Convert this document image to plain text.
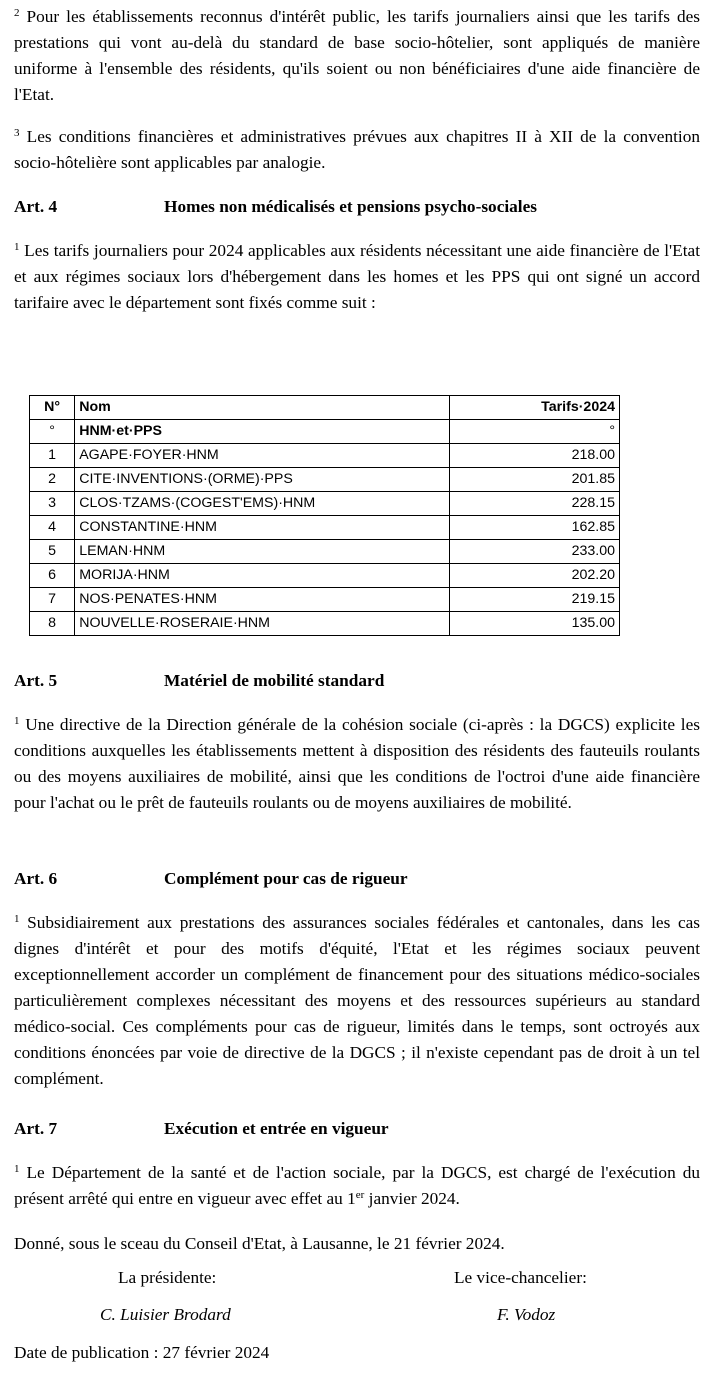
$^2$ Pour les établissements reconnus d'intérêt public, les tarifs journaliers ainsi que les tarifs des prestations qui vont au-delà du standard de base socio-hôtelier, sont appliqués de manière uniforme à l'ensemble des résidents, qu'ils soient ou non bénéficiaires d'une aide financière de l'Etat.
$^3$ Les conditions financières et administratives prévues aux chapitres II à XII de la convention socio-hôtelière sont applicables par analogie.
Art. 4	Homes non médicalisés et pensions psycho-sociales
$^1$ Les tarifs journaliers pour 2024 applicables aux résidents nécessitant une aide financière de l'Etat et aux régimes sociaux lors d'hébergement dans les homes et les PPS qui ont signé un accord tarifaire avec le département sont fixés comme suit :
N°	Nom	Tarifs·2024
°	HNM·et·PPS	°
1	AGAPE·FOYER·HNM	218.00
2	CITE·INVENTIONS·(ORME)·PPS	201.85
3	CLOS·TZAMS·(COGEST'EMS)·HNM	228.15
4	CONSTANTINE·HNM	162.85
5	LEMAN·HNM	233.00
6	MORIJA·HNM	202.20
7	NOS·PENATES·HNM	219.15
8	NOUVELLE·ROSERAIE·HNM	135.00
Art. 5	Matériel de mobilité standard
$^1$ Une directive de la Direction générale de la cohésion sociale (ci-après : la DGCS) explicite les conditions auxquelles les établissements mettent à disposition des résidents des fauteuils roulants ou des moyens auxiliaires de mobilité, ainsi que les conditions de l'octroi d'une aide financière pour l'achat ou le prêt de fauteuils roulants ou de moyens auxiliaires de mobilité.
Art. 6	Complément pour cas de rigueur
$^1$ Subsidiairement aux prestations des assurances sociales fédérales et cantonales, dans les cas dignes d'intérêt et pour des motifs d'équité, l'Etat et les régimes sociaux peuvent exceptionnellement accorder un complément de financement pour des situations médico-sociales particulièrement complexes nécessitant des moyens et des ressources supérieurs au standard médico-social. Ces compléments pour cas de rigueur, limités dans le temps, sont octroyés aux conditions énoncées par voie de directive de la DGCS ; il n'existe cependant pas de droit à un tel complément.
Art. 7	Exécution et entrée en vigueur
$^1$ Le Département de la santé et de l'action sociale, par la DGCS, est chargé de l'exécution du présent arrêté qui entre en vigueur avec effet au 1er janvier 2024.
Donné, sous le sceau du Conseil d'Etat, à Lausanne, le 21 février 2024.
La présidente:	Le vice-chancelier:
C. Luisier Brodard	F. Vodoz
Date de publication : 27 février 2024
